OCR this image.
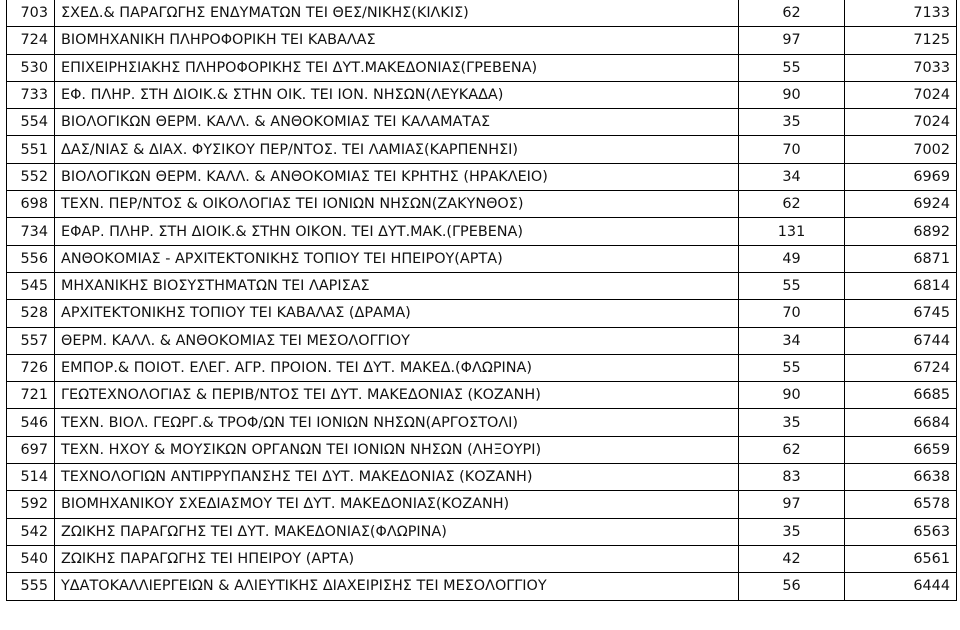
703	ΣΧΕΔ.& ΠΑΡΑΓΩΓΗΣ ΕΝΔΥΜΑΤΩΝ ΤΕΙ ΘΕΣ/ΝΙΚΗΣ(ΚΙΛΚΙΣ)	62	7133
724	ΒΙΟΜΗΧΑΝΙΚΗ ΠΛΗΡΟΦΟΡΙΚΗ ΤΕΙ ΚΑΒΑΛΑΣ	97	7125
530	ΕΠΙΧΕΙΡΗΣΙΑΚΗΣ ΠΛΗΡΟΦΟΡΙΚΗΣ ΤΕΙ ΔΥΤ.ΜΑΚΕΔΟΝΙΑΣ(ΓΡΕΒΕΝΑ)	55	7033
733	ΕΦ. ΠΛΗΡ. ΣΤΗ ΔΙΟΙΚ.& ΣΤΗΝ ΟΙΚ. ΤΕΙ ΙΟΝ. ΝΗΣΩΝ(ΛΕΥΚΑΔΑ)	90	7024
554	ΒΙΟΛΟΓΙΚΩΝ ΘΕΡΜ. ΚΑΛΛ. & ΑΝΘΟΚΟΜΙΑΣ ΤΕΙ ΚΑΛΑΜΑΤΑΣ	35	7024
551	ΔΑΣ/ΝΙΑΣ & ΔΙΑΧ. ΦΥΣΙΚΟΥ ΠΕΡ/ΝΤΟΣ. ΤΕΙ ΛΑΜΙΑΣ(ΚΑΡΠΕΝΗΣΙ)	70	7002
552	ΒΙΟΛΟΓΙΚΩΝ ΘΕΡΜ. ΚΑΛΛ. & ΑΝΘΟΚΟΜΙΑΣ ΤΕΙ ΚΡΗΤΗΣ (ΗΡΑΚΛΕΙΟ)	34	6969
698	ΤΕΧΝ. ΠΕΡ/ΝΤΟΣ & ΟΙΚΟΛΟΓΙΑΣ ΤΕΙ ΙΟΝΙΩΝ ΝΗΣΩΝ(ΖΑΚΥΝΘΟΣ)	62	6924
734	ΕΦΑΡ. ΠΛΗΡ. ΣΤΗ ΔΙΟΙΚ.& ΣΤΗΝ ΟΙΚΟΝ. ΤΕΙ ΔΥΤ.ΜΑΚ.(ΓΡΕΒΕΝΑ)	131	6892
556	ΑΝΘΟΚΟΜΙΑΣ - ΑΡΧΙΤΕΚΤΟΝΙΚΗΣ ΤΟΠΙΟΥ ΤΕΙ ΗΠΕΙΡΟΥ(ΑΡΤΑ)	49	6871
545	ΜΗΧΑΝΙΚΗΣ ΒΙΟΣΥΣΤΗΜΑΤΩΝ ΤΕΙ ΛΑΡΙΣΑΣ	55	6814
528	ΑΡΧΙΤΕΚΤΟΝΙΚΗΣ ΤΟΠΙΟΥ ΤΕΙ ΚΑΒΑΛΑΣ (ΔΡΑΜΑ)	70	6745
557	ΘΕΡΜ. ΚΑΛΛ. & ΑΝΘΟΚΟΜΙΑΣ ΤΕΙ ΜΕΣΟΛΟΓΓΙΟΥ	34	6744
726	ΕΜΠΟΡ.& ΠΟΙΟΤ. ΕΛΕΓ. ΑΓΡ. ΠΡΟΙΟΝ. ΤΕΙ ΔΥΤ. ΜΑΚΕΔ.(ΦΛΩΡΙΝΑ)	55	6724
721	ΓΕΩΤΕΧΝΟΛΟΓΙΑΣ & ΠΕΡΙΒ/ΝΤΟΣ ΤΕΙ ΔΥΤ. ΜΑΚΕΔΟΝΙΑΣ (ΚΟΖΑΝΗ)	90	6685
546	ΤΕΧΝ. ΒΙΟΛ. ΓΕΩΡΓ.& ΤΡΟΦ/ΩΝ ΤΕΙ ΙΟΝΙΩΝ ΝΗΣΩΝ(ΑΡΓΟΣΤΟΛΙ)	35	6684
697	ΤΕΧΝ. ΗΧΟΥ & ΜΟΥΣΙΚΩΝ ΟΡΓΑΝΩΝ ΤΕΙ ΙΟΝΙΩΝ ΝΗΣΩΝ (ΛΗΞΟΥΡΙ)	62	6659
514	ΤΕΧΝΟΛΟΓΙΩΝ ΑΝΤΙΡΡΥΠΑΝΣΗΣ ΤΕΙ ΔΥΤ. ΜΑΚΕΔΟΝΙΑΣ (ΚΟΖΑΝΗ)	83	6638
592	ΒΙΟΜΗΧΑΝΙΚΟΥ ΣΧΕΔΙΑΣΜΟΥ ΤΕΙ ΔΥΤ. ΜΑΚΕΔΟΝΙΑΣ(ΚΟΖΑΝΗ)	97	6578
542	ΖΩΙΚΗΣ ΠΑΡΑΓΩΓΗΣ ΤΕΙ ΔΥΤ. ΜΑΚΕΔΟΝΙΑΣ(ΦΛΩΡΙΝΑ)	35	6563
540	ΖΩΙΚΗΣ ΠΑΡΑΓΩΓΗΣ ΤΕΙ ΗΠΕΙΡΟΥ (ΑΡΤΑ)	42	6561
555	ΥΔΑΤΟΚΑΛΛΙΕΡΓΕΙΩΝ & ΑΛΙΕΥΤΙΚΗΣ ΔΙΑΧΕΙΡΙΣΗΣ ΤΕΙ ΜΕΣΟΛΟΓΓΙΟΥ	56	6444
